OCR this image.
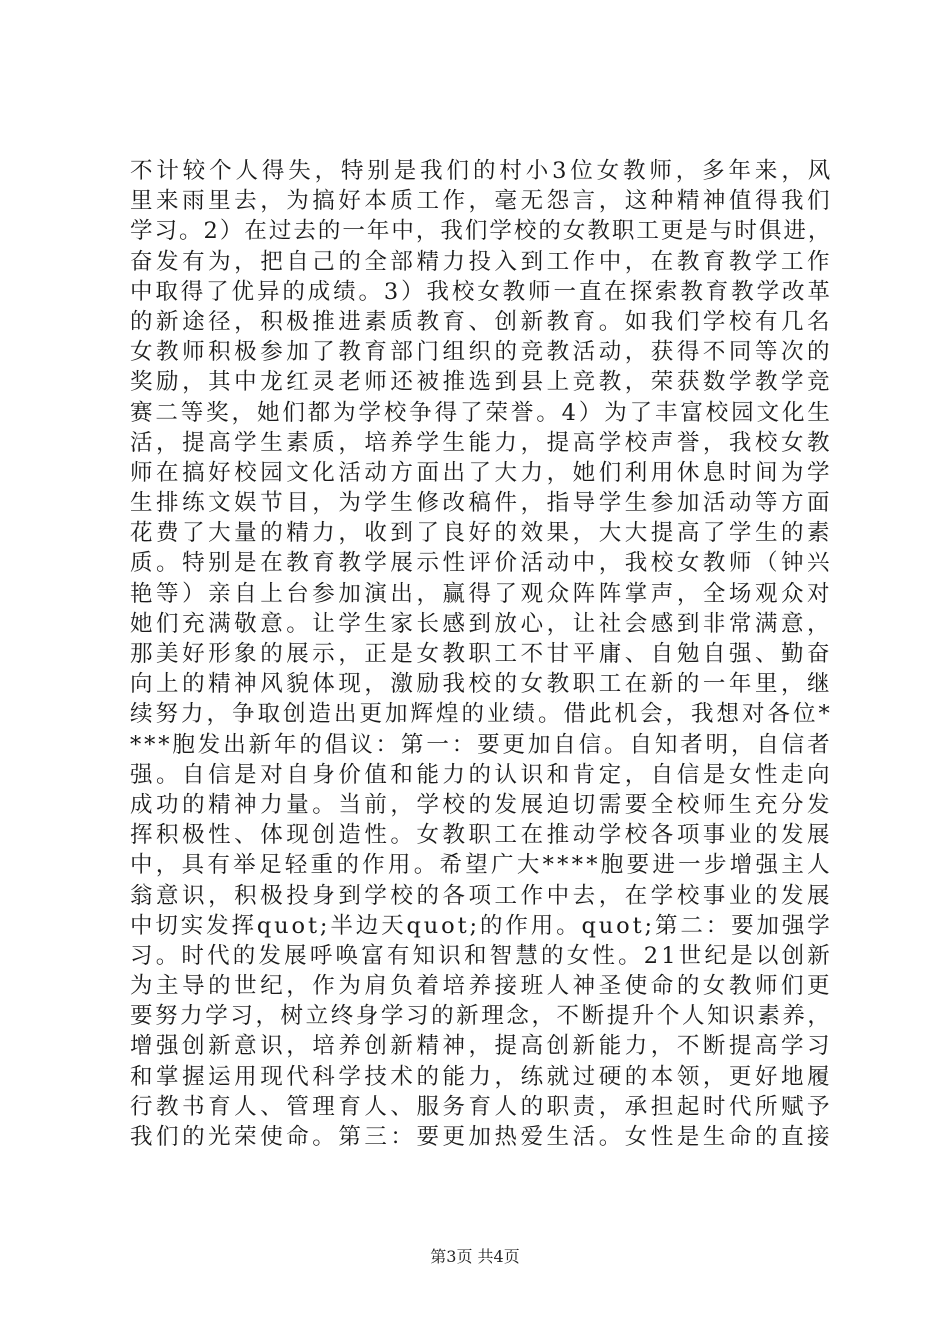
不计较个人得失，特别是我们的村小3位女教师，多年来，风
里来雨里去，为搞好本质工作，毫无怨言，这种精神值得我们
学习。2）在过去的一年中，我们学校的女教职工更是与时俱进，
奋发有为，把自己的全部精力投入到工作中，在教育教学工作
中取得了优异的成绩。3）我校女教师一直在探索教育教学改革
的新途径，积极推进素质教育、创新教育。如我们学校有几名
女教师积极参加了教育部门组织的竞教活动，获得不同等次的
奖励，其中龙红灵老师还被推选到县上竞教，荣获数学教学竞
赛二等奖，她们都为学校争得了荣誉。4）为了丰富校园文化生
活，提高学生素质，培养学生能力，提高学校声誉，我校女教
师在搞好校园文化活动方面出了大力，她们利用休息时间为学
生排练文娱节目，为学生修改稿件，指导学生参加活动等方面
花费了大量的精力，收到了良好的效果，大大提高了学生的素
质。特别是在教育教学展示性评价活动中，我校女教师（钟兴
艳等）亲自上台参加演出，赢得了观众阵阵掌声，全场观众对
她们充满敬意。让学生家长感到放心，让社会感到非常满意，
那美好形象的展示，正是女教职工不甘平庸、自勉自强、勤奋
向上的精神风貌体现，激励我校的女教职工在新的一年里，继
续努力，争取创造出更加辉煌的业绩。借此机会，我想对各位*
***胞发出新年的倡议：第一：要更加自信。自知者明，自信者
强。自信是对自身价值和能力的认识和肯定，自信是女性走向
成功的精神力量。当前，学校的发展迫切需要全校师生充分发
挥积极性、体现创造性。女教职工在推动学校各项事业的发展
中，具有举足轻重的作用。希望广大****胞要进一步增强主人
翁意识，积极投身到学校的各项工作中去，在学校事业的发展
中切实发挥quot;半边天quot;的作用。quot;第二：要加强学
习。时代的发展呼唤富有知识和智慧的女性。21世纪是以创新
为主导的世纪，作为肩负着培养接班人神圣使命的女教师们更
要努力学习，树立终身学习的新理念，不断提升个人知识素养，
增强创新意识，培养创新精神，提高创新能力，不断提高学习
和掌握运用现代科学技术的能力，练就过硬的本领，更好地履
行教书育人、管理育人、服务育人的职责，承担起时代所赋予
我们的光荣使命。第三：要更加热爱生活。女性是生命的直接
第3页 共4页
